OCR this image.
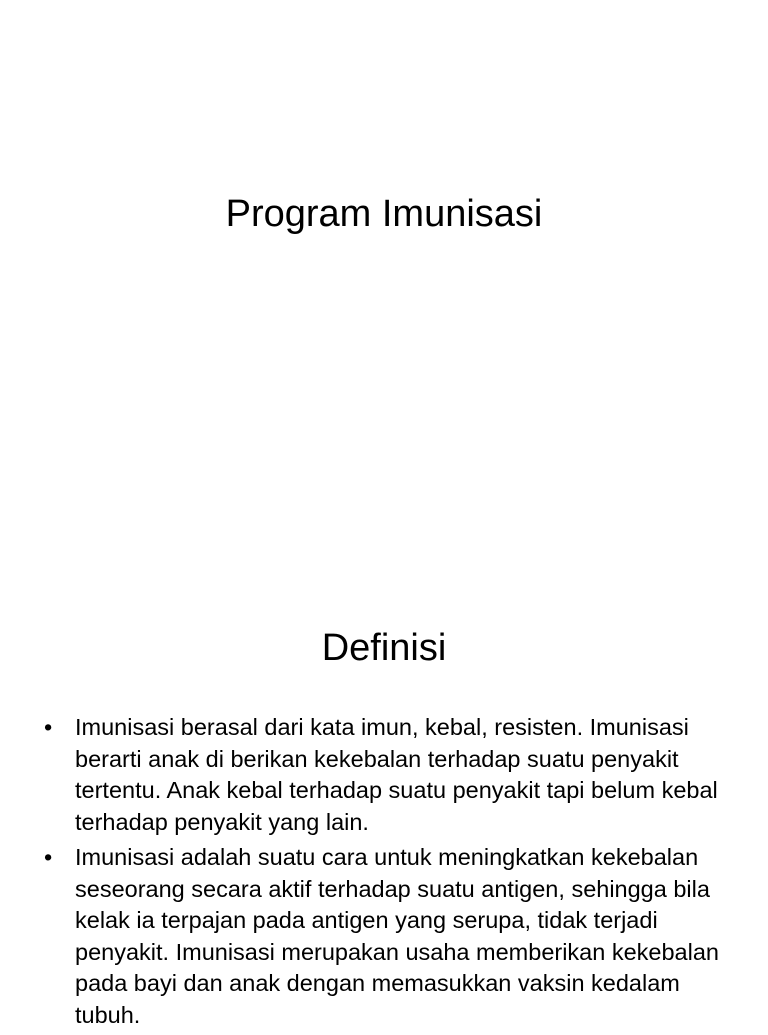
Program Imunisasi
Definisi
• Imunisasi berasal dari kata imun, kebal, resisten. Imunisasi berarti anak di berikan kekebalan terhadap suatu penyakit tertentu. Anak kebal terhadap suatu penyakit tapi belum kebal terhadap penyakit yang lain.
• Imunisasi adalah suatu cara untuk meningkatkan kekebalan seseorang secara aktif terhadap suatu antigen, sehingga bila kelak ia terpajan pada antigen yang serupa, tidak terjadi penyakit. Imunisasi merupakan usaha memberikan kekebalan pada bayi dan anak dengan memasukkan vaksin kedalam tubuh.
